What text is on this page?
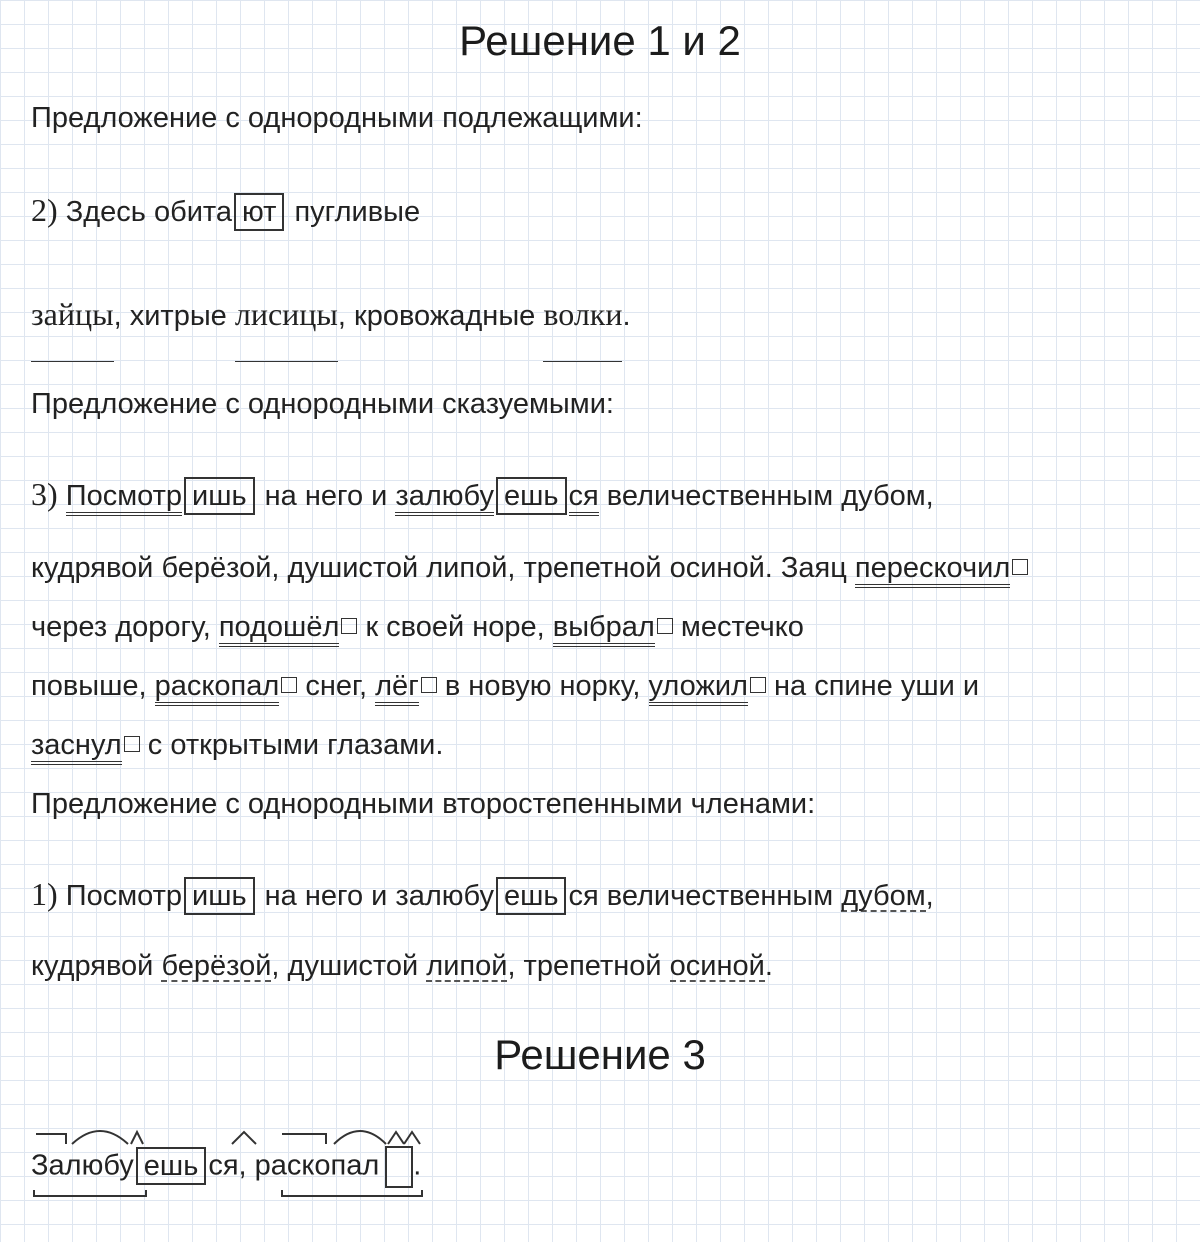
Решение 1 и 2
Предложение с однородными подлежащими:
2) Здесь обита ют пугливые
зайцы, хитрые лисицы, кровожадные волки.
Предложение с однородными сказуемыми:
3) Посмотр ишь на него и залюбу ешь ся величественным дубом,
кудрявой берёзой, душистой липой, трепетной осиной. Заяц перескочил
через дорогу, подошёл к своей норе, выбрал местечко
повыше, раскопал снег, лёг в новую норку, уложил на спине уши и
заснул с открытыми глазами.
Предложение с однородными второстепенными членами:
1) Посмотр ишь на него и залюбу ешь ся величественным дубом,
кудрявой берёзой, душистой липой, трепетной осиной.
Решение 3
Залюбу ешь ся, раскопал .
